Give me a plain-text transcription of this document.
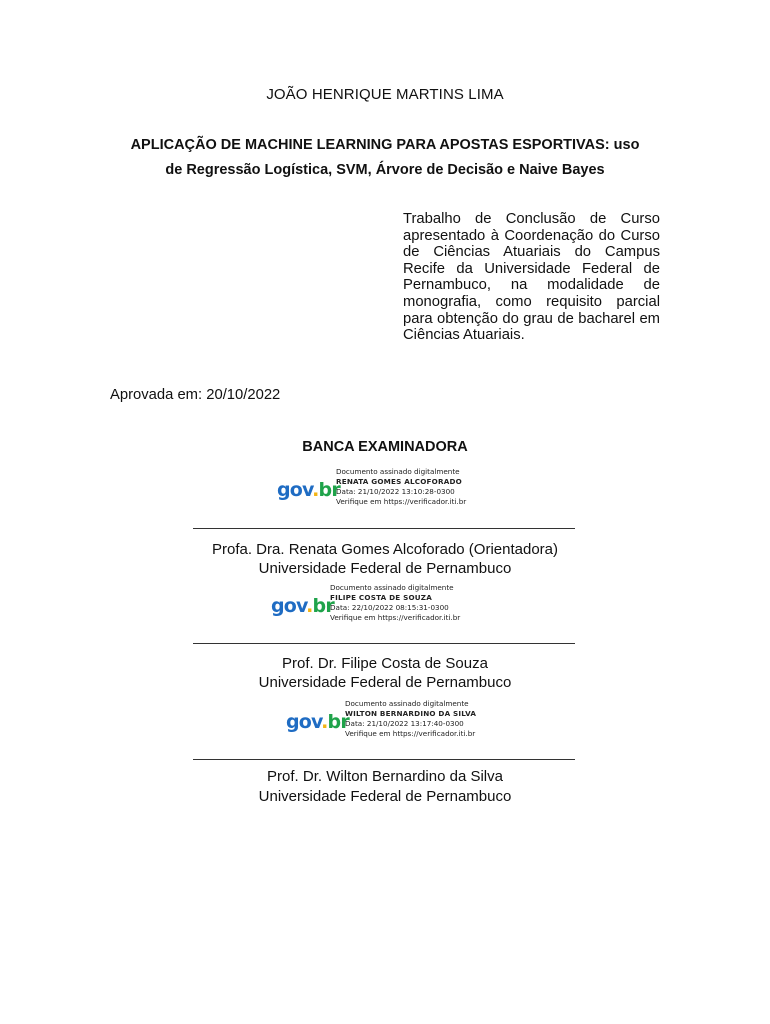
JOÃO HENRIQUE MARTINS LIMA
APLICAÇÃO DE MACHINE LEARNING PARA APOSTAS ESPORTIVAS: uso
de Regressão Logística, SVM, Árvore de Decisão e Naive Bayes
Trabalho de Conclusão de Curso apresentado à Coordenação do Curso de Ciências Atuariais do Campus Recife da Universidade Federal de Pernambuco, na modalidade de monografia, como requisito parcial para obtenção do grau de bacharel em Ciências Atuariais.
Aprovada em: 20/10/2022
BANCA EXAMINADORA
gov.br
Documento assinado digitalmente
RENATA GOMES ALCOFORADO
Data: 21/10/2022 13:10:28-0300
Verifique em https://verificador.iti.br
Profa. Dra. Renata Gomes Alcoforado (Orientadora)
Universidade Federal de Pernambuco
gov.br
Documento assinado digitalmente
FILIPE COSTA DE SOUZA
Data: 22/10/2022 08:15:31-0300
Verifique em https://verificador.iti.br
Prof. Dr. Filipe Costa de Souza
Universidade Federal de Pernambuco
gov.br
Documento assinado digitalmente
WILTON BERNARDINO DA SILVA
Data: 21/10/2022 13:17:40-0300
Verifique em https://verificador.iti.br
Prof. Dr. Wilton Bernardino da Silva
Universidade Federal de Pernambuco
